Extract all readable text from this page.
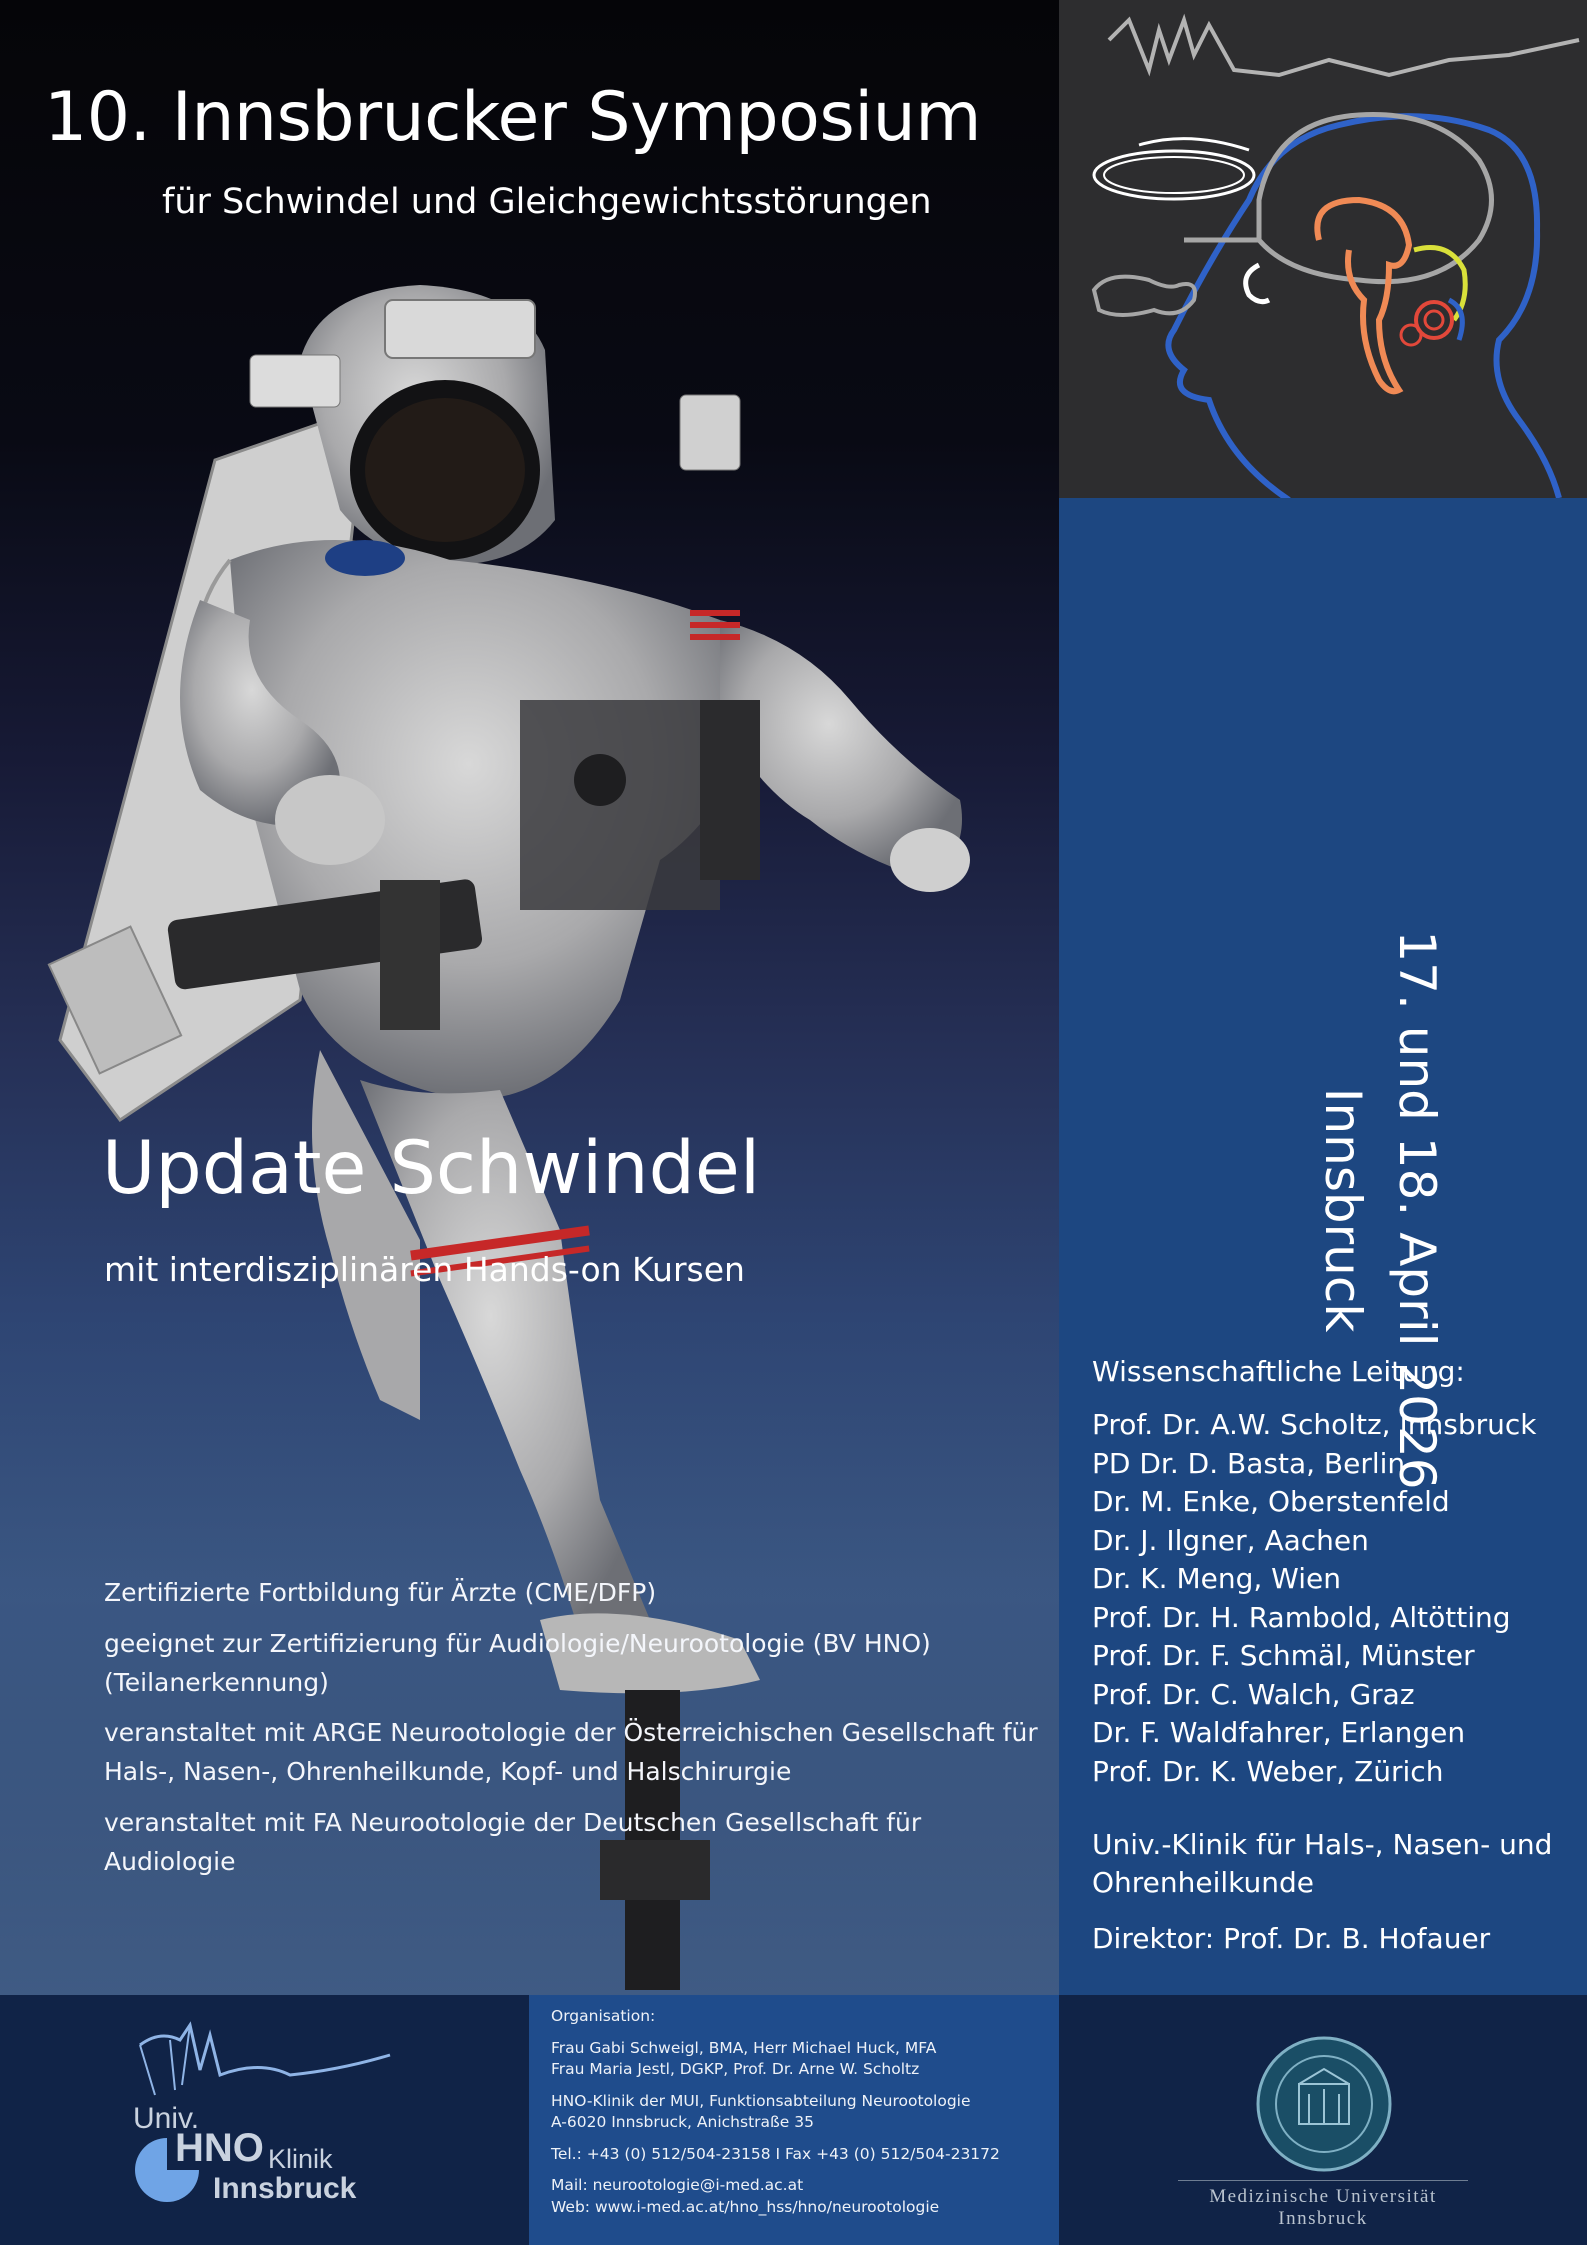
10. Innsbrucker Symposium
für Schwindel und Gleichgewichtsstörungen
Update Schwindel
mit interdisziplinären Hands-on Kursen
Zertifizierte Fortbildung für Ärzte (CME/DFP)
geeignet zur Zertifizierung für Audiologie/Neurootologie (BV HNO)
(Teilanerkennung)
veranstaltet mit ARGE Neurootologie der Österreichischen Gesellschaft für
Hals-, Nasen-, Ohrenheilkunde, Kopf- und Halschirurgie
veranstaltet mit FA Neurootologie der Deutschen Gesellschaft für
Audiologie
17. und 18. April 2026
Innsbruck
Wissenschaftliche Leitung:
Prof. Dr. A.W. Scholtz, Innsbruck
PD Dr. D. Basta, Berlin
Dr. M. Enke, Oberstenfeld
Dr. J. Ilgner, Aachen
Dr. K. Meng, Wien
Prof. Dr. H. Rambold, Altötting
Prof. Dr. F. Schmäl, Münster
Prof. Dr. C. Walch, Graz
Dr. F. Waldfahrer, Erlangen
Prof. Dr. K. Weber, Zürich
Univ.-Klinik für Hals-, Nasen- und
Ohrenheilkunde
Direktor: Prof. Dr. B. Hofauer
Univ.
HNO Klinik
Innsbruck
Organisation:
Frau Gabi Schweigl, BMA, Herr Michael Huck, MFA
Frau Maria Jestl, DGKP, Prof. Dr. Arne W. Scholtz
HNO-Klinik der MUI, Funktionsabteilung Neurootologie
A-6020 Innsbruck, Anichstraße 35
Tel.: +43 (0) 512/504-23158 I Fax +43 (0) 512/504-23172
Mail: neurootologie@i-med.ac.at
Web: www.i-med.ac.at/hno_hss/hno/neurootologie	Medizinische Universität
Innsbruck
